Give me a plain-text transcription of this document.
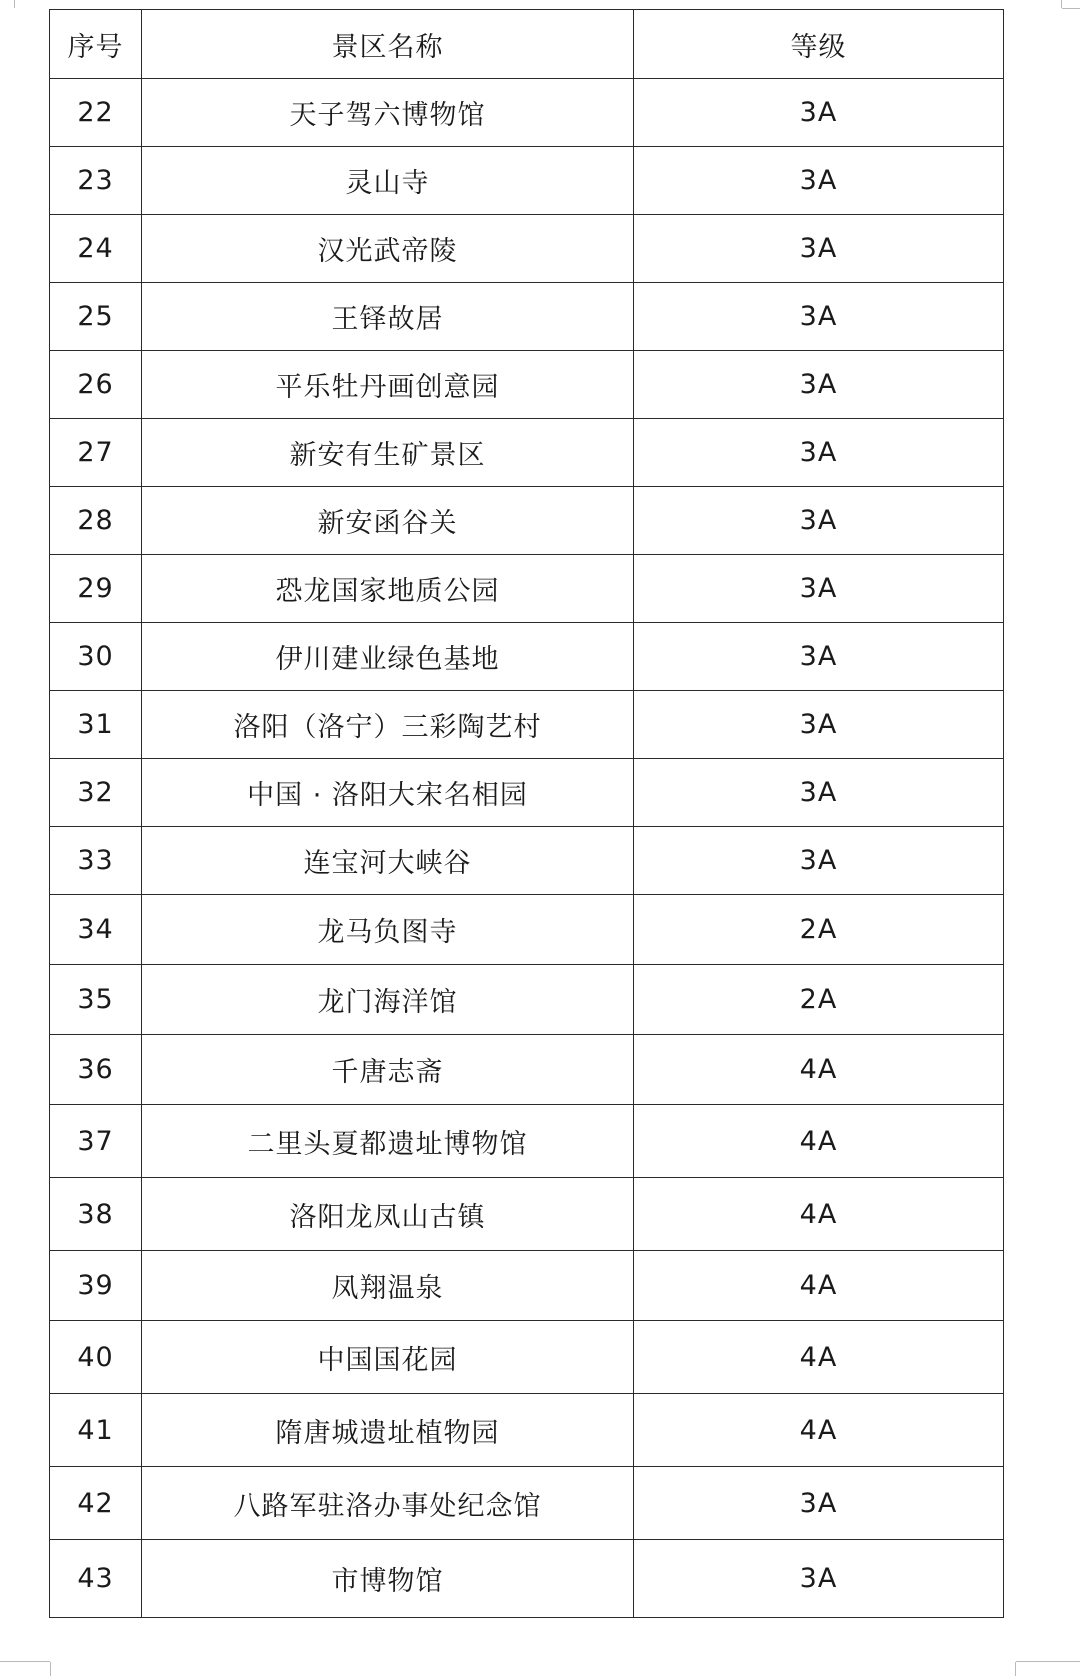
序号	景区名称	等级
22	天子驾六博物馆	3A
23	灵山寺	3A
24	汉光武帝陵	3A
25	王铎故居	3A
26	平乐牡丹画创意园	3A
27	新安有生矿景区	3A
28	新安函谷关	3A
29	恐龙国家地质公园	3A
30	伊川建业绿色基地	3A
31	洛阳（洛宁）三彩陶艺村	3A
32	中国 · 洛阳大宋名相园	3A
33	连宝河大峡谷	3A
34	龙马负图寺	2A
35	龙门海洋馆	2A
36	千唐志斋	4A
37	二里头夏都遗址博物馆	4A
38	洛阳龙凤山古镇	4A
39	凤翔温泉	4A
40	中国国花园	4A
41	隋唐城遗址植物园	4A
42	八路军驻洛办事处纪念馆	3A
43	市博物馆	3A
